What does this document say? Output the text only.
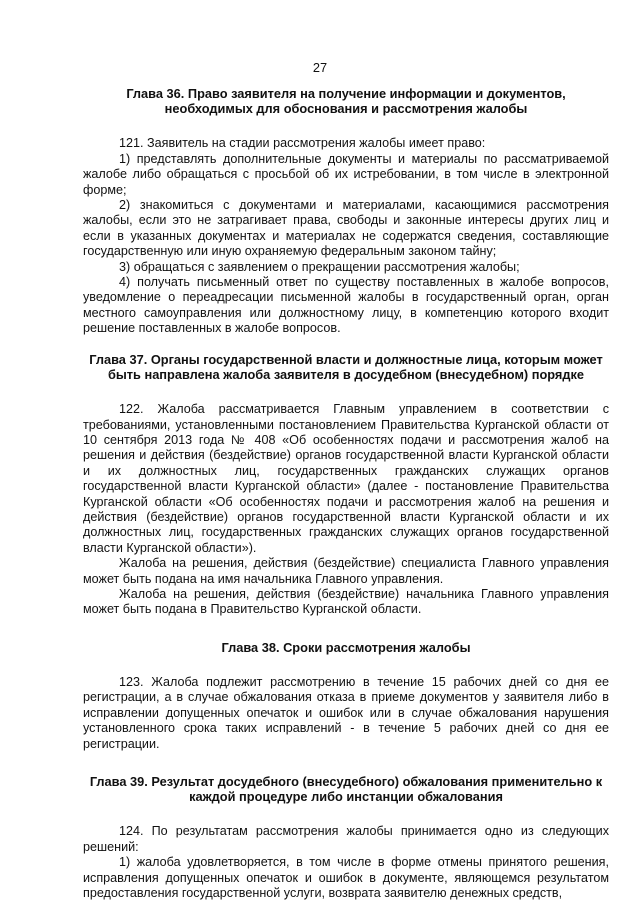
27
Глава 36. Право заявителя на получение информации и документов, необходимых для обоснования и рассмотрения жалобы

121. Заявитель на стадии рассмотрения жалобы имеет право:

1) представлять дополнительные документы и материалы по рассматриваемой жалобе либо обращаться с просьбой об их истребовании, в том числе в электронной форме;

2) знакомиться с документами и материалами, касающимися рассмотрения жалобы, если это не затрагивает права, свободы и законные интересы других лиц и если в указанных документах и материалах не содержатся сведения, составляющие государственную или иную охраняемую федеральным законом тайну;

3) обращаться с заявлением о прекращении рассмотрения жалобы;

4) получать письменный ответ по существу поставленных в жалобе вопросов, уведомление о переадресации письменной жалобы в государственный орган, орган местного самоуправления или должностному лицу, в компетенцию которого входит решение поставленных в жалобе вопросов.

Глава 37. Органы государственной власти и должностные лица, которым может быть направлена жалоба заявителя в досудебном (внесудебном) порядке

122. Жалоба рассматривается Главным управлением в соответствии с требованиями, установленными постановлением Правительства Курганской области от 10 сентября 2013 года № 408 «Об особенностях подачи и рассмотрения жалоб на решения и действия (бездействие) органов государственной власти Курганской области и их должностных лиц, государственных гражданских служащих органов государственной власти Курганской области» (далее - постановление Правительства Курганской области «Об особенностях подачи и рассмотрения жалоб на решения и действия (бездействие) органов государственной власти Курганской области и их должностных лиц, государственных гражданских служащих органов государственной власти Курганской области»).

Жалоба на решения, действия (бездействие) специалиста Главного управления может быть подана на имя начальника Главного управления.

Жалоба на решения, действия (бездействие) начальника Главного управления может быть подана в Правительство Курганской области.

Глава 38. Сроки рассмотрения жалобы

123. Жалоба подлежит рассмотрению в течение 15 рабочих дней со дня ее регистрации, а в случае обжалования отказа в приеме документов у заявителя либо в исправлении допущенных опечаток и ошибок или в случае обжалования нарушения установленного срока таких исправлений - в течение 5 рабочих дней со дня ее регистрации.

Глава 39. Результат досудебного (внесудебного) обжалования применительно к каждой процедуре либо инстанции обжалования

124. По результатам рассмотрения жалобы принимается одно из следующих решений:

1) жалоба удовлетворяется, в том числе в форме отмены принятого решения, исправления допущенных опечаток и ошибок в документе, являющемся результатом предоставления государственной услуги, возврата заявителю денежных средств,
